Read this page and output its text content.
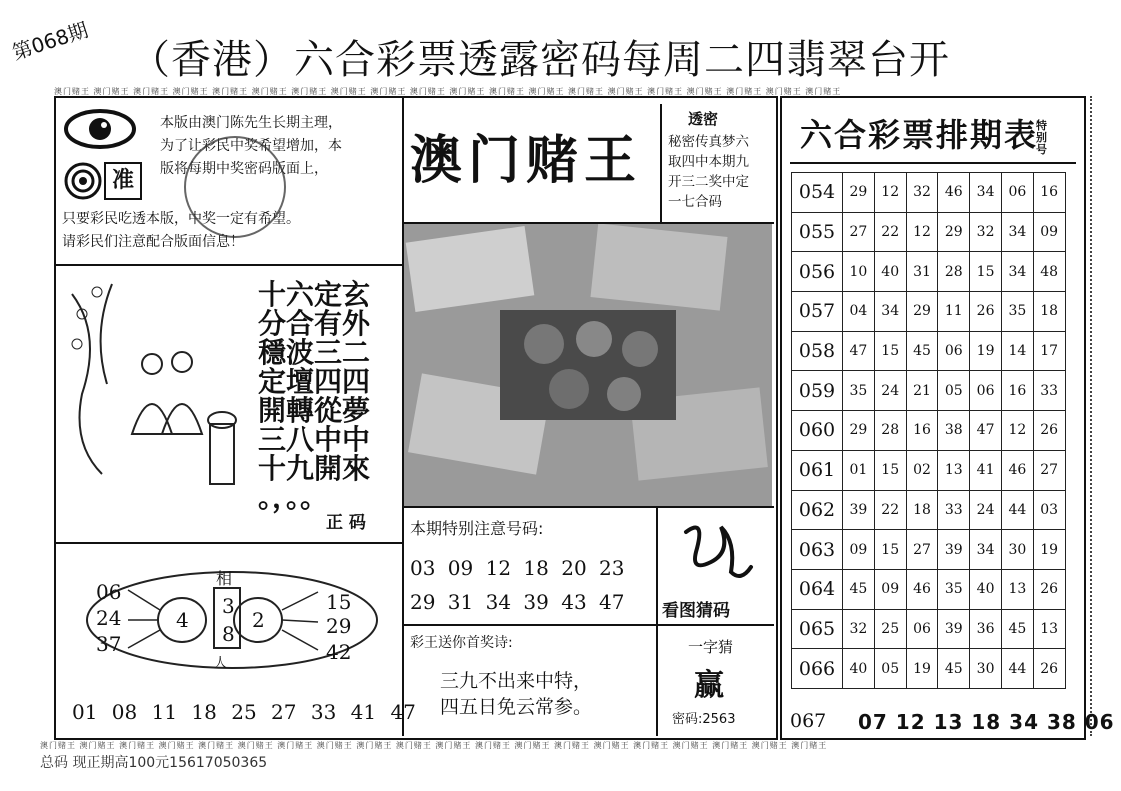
第068期 （香港）六合彩票透露密码每周二四翡翠台开
澳门赌王 澳门赌王 澳门赌王 澳门赌王 澳门赌王 澳门赌王 澳门赌王 澳门赌王 澳门赌王 澳门赌王 澳门赌王 澳门赌王 澳门赌王 澳门赌王 澳门赌王 澳门赌王 澳门赌王 澳门赌王 澳门赌王 澳门赌王
澳门赌王 澳门赌王 澳门赌王 澳门赌王 澳门赌王 澳门赌王 澳门赌王 澳门赌王 澳门赌王 澳门赌王 澳门赌王 澳门赌王 澳门赌王 澳门赌王 澳门赌王 澳门赌王 澳门赌王 澳门赌王 澳门赌王 澳门赌王
准
本版由澳门陈先生长期主理，
为了让彩民中奖希望增加，本
版将每期中奖密码版面上，
只要彩民吃透本版，中奖一定有希望。
请彩民们注意配合版面信息！
十六定玄
分合有外
穩波三二
定壇四四
開轉從夢
三八中中
十九開來
。，。。
正 码
相
人
06
24
37
15
29
42
4	2
3
8
01 08 11 18 25 27 33 41 47
澳门赌王
透密
秘密传真梦六
取四中本期九
开三二奖中定
一七合码
本期特别注意号码:
03 09 12 18 20 23
29 31 34 39 43 47 看图猜码
彩王送你首奖诗:
三九不出来中特，
四五日免云常参。
一字猜
赢
密码:2563
六合彩票排期表
特别号
054	29	12	32	46	34	06	16
055	27	22	12	29	32	34	09
056	10	40	31	28	15	34	48
057	04	34	29	11	26	35	18
058	47	15	45	06	19	14	17
059	35	24	21	05	06	16	33
060	29	28	16	38	47	12	26
061	01	15	02	13	41	46	27
062	39	22	18	33	24	44	03
063	09	15	27	39	34	30	19
064	45	09	46	35	40	13	26
065	32	25	06	39	36	45	13
066	40	05	19	45	30	44	26
067 07 12 13 18 34 38 06
总码 现正期高100元15617050365
